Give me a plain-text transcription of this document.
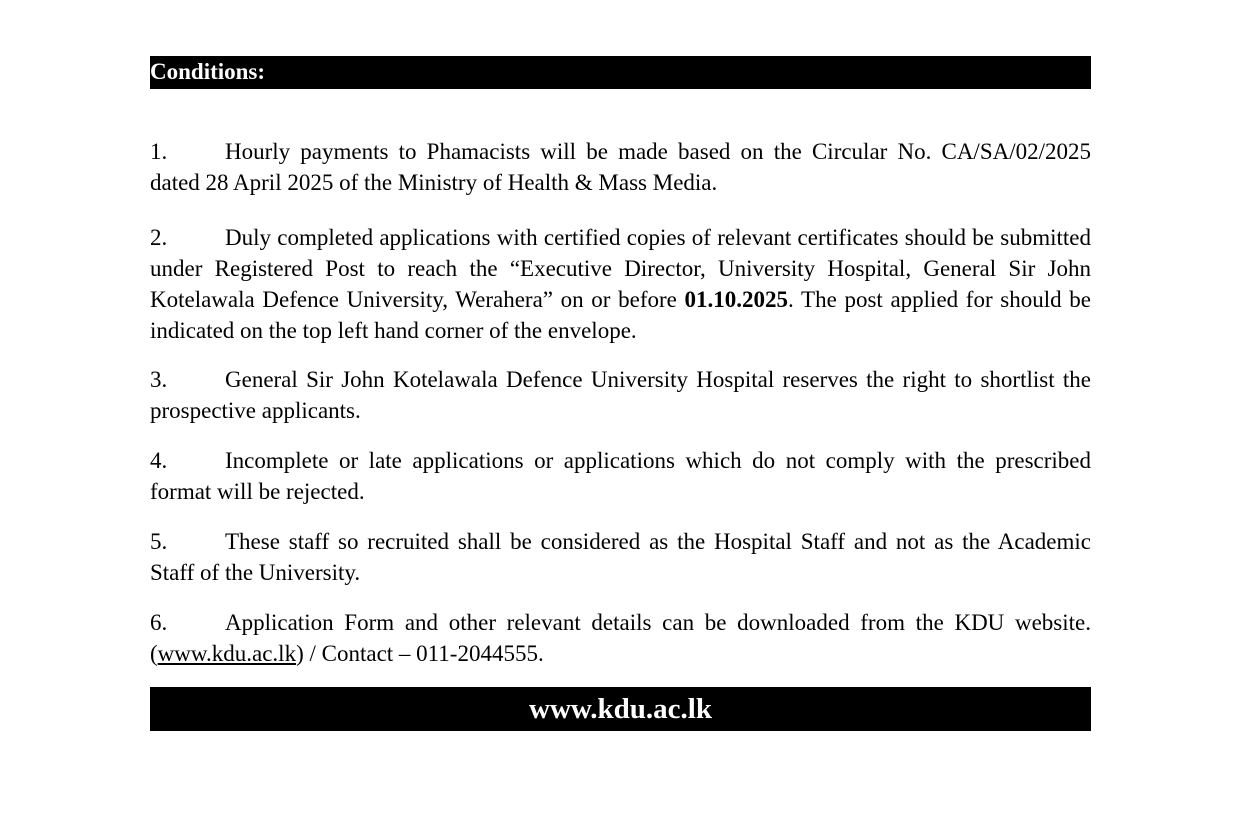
Conditions:
1.	Hourly payments to Phamacists will be made based on the Circular No. CA/SA/02/2025 dated 28 April 2025 of the Ministry of Health & Mass Media.
2.	Duly completed applications with certified copies of relevant certificates should be submitted under Registered Post to reach the “Executive Director, University Hospital, General Sir John Kotelawala Defence University, Werahera” on or before 01.10.2025. The post applied for should be indicated on the top left hand corner of the envelope.
3.	General Sir John Kotelawala Defence University Hospital reserves the right to shortlist the prospective applicants.
4.	Incomplete or late applications or applications which do not comply with the prescribed format will be rejected.
5.	These staff so recruited shall be considered as the Hospital Staff and not as the Academic Staff of the University.
6.	Application Form and other relevant details can be downloaded from the KDU website. (www.kdu.ac.lk) / Contact – 011-2044555.
www.kdu.ac.lk
